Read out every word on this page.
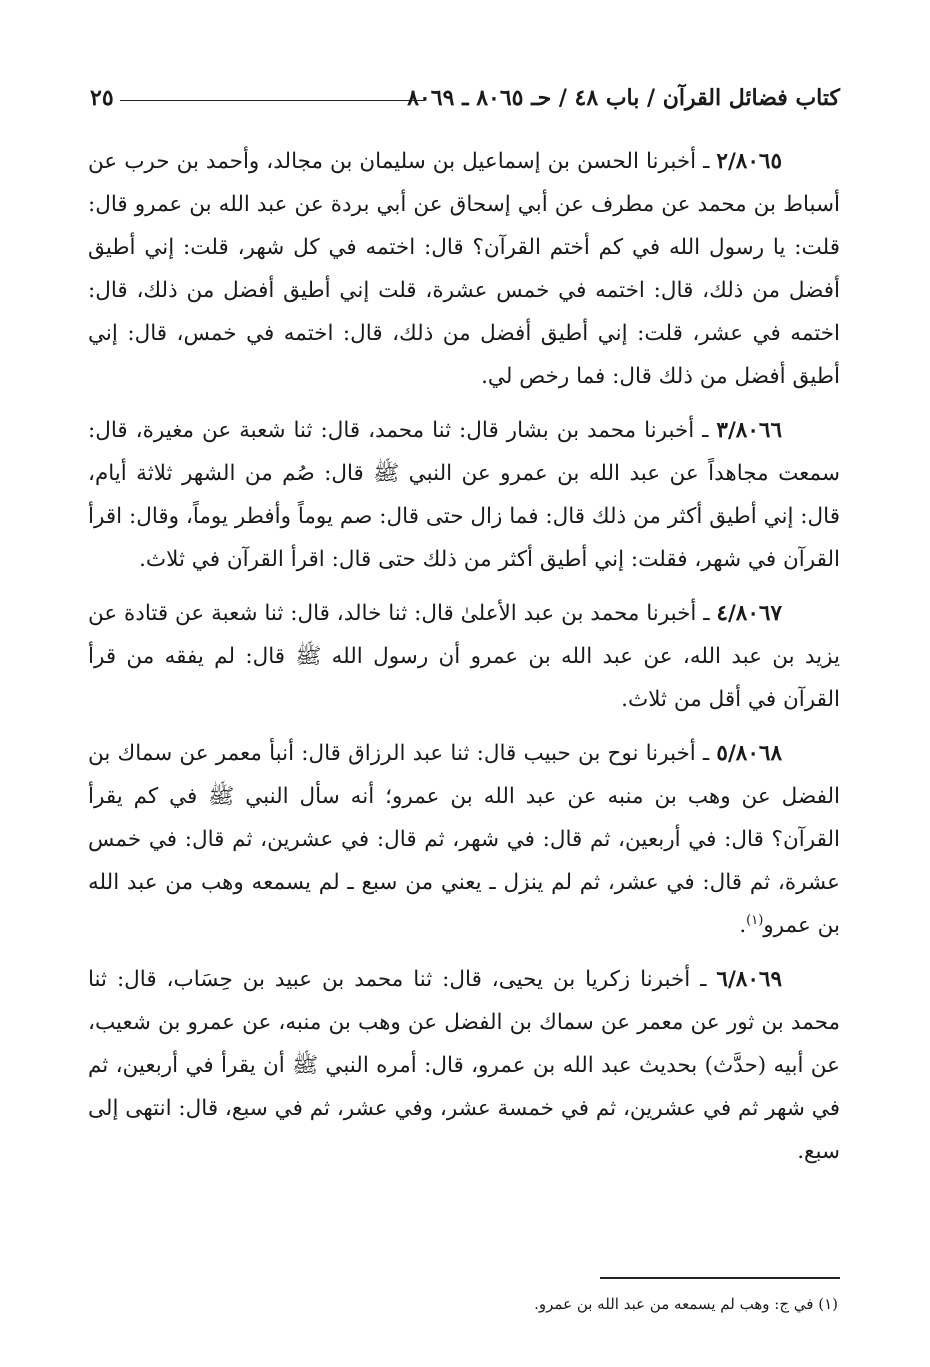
كتاب فضائل القرآن / باب ٤٨ / حـ ٨٠٦٥ ـ ٨٠٦٩
٢٥

٢/٨٠٦٥ ـ أخبرنا الحسن بن إسماعيل بن سليمان بن مجالد، وأحمد بن حرب عن أسباط بن محمد عن مطرف عن أبي إسحاق عن أبي بردة عن عبد الله بن عمرو قال: قلت: يا رسول الله في كم أختم القرآن؟ قال: اختمه في كل شهر، قلت: إني أطيق أفضل من ذلك، قال: اختمه في خمس عشرة، قلت إني أطيق أفضل من ذلك، قال: اختمه في عشر، قلت: إني أطيق أفضل من ذلك، قال: اختمه في خمس، قال: إني أطيق أفضل من ذلك قال: فما رخص لي.

٣/٨٠٦٦ ـ أخبرنا محمد بن بشار قال: ثنا محمد، قال: ثنا شعبة عن مغيرة، قال: سمعت مجاهداً عن عبد الله بن عمرو عن النبي ﷺ قال: صُم من الشهر ثلاثة أيام، قال: إني أطيق أكثر من ذلك قال: فما زال حتى قال: صم يوماً وأفطر يوماً، وقال: اقرأ القرآن في شهر، فقلت: إني أطيق أكثر من ذلك حتى قال: اقرأ القرآن في ثلاث.

٤/٨٠٦٧ ـ أخبرنا محمد بن عبد الأعلىٰ قال: ثنا خالد، قال: ثنا شعبة عن قتادة عن يزيد بن عبد الله، عن عبد الله بن عمرو أن رسول الله ﷺ قال: لم يفقه من قرأ القرآن في أقل من ثلاث.

٥/٨٠٦٨ ـ أخبرنا نوح بن حبيب قال: ثنا عبد الرزاق قال: أنبأ معمر عن سماك بن الفضل عن وهب بن منبه عن عبد الله بن عمرو؛ أنه سأل النبي ﷺ في كم يقرأ القرآن؟ قال: في أربعين، ثم قال: في شهر، ثم قال: في عشرين، ثم قال: في خمس عشرة، ثم قال: في عشر، ثم لم ينزل ـ يعني من سبع ـ لم يسمعه وهب من عبد الله بن عمرو$^{(١)}$.

٦/٨٠٦٩ ـ أخبرنا زكريا بن يحيى، قال: ثنا محمد بن عبيد بن حِسَاب، قال: ثنا محمد بن ثور عن معمر عن سماك بن الفضل عن وهب بن منبه، عن عمرو بن شعيب، عن أبيه (حدَّث) بحديث عبد الله بن عمرو، قال: أمره النبي ﷺ أن يقرأ في أربعين، ثم في شهر ثم في عشرين، ثم في خمسة عشر، وفي عشر، ثم في سبع، قال: انتهى إلى سبع.

(١) في ج: وهب لم يسمعه من عبد الله بن عمرو.
